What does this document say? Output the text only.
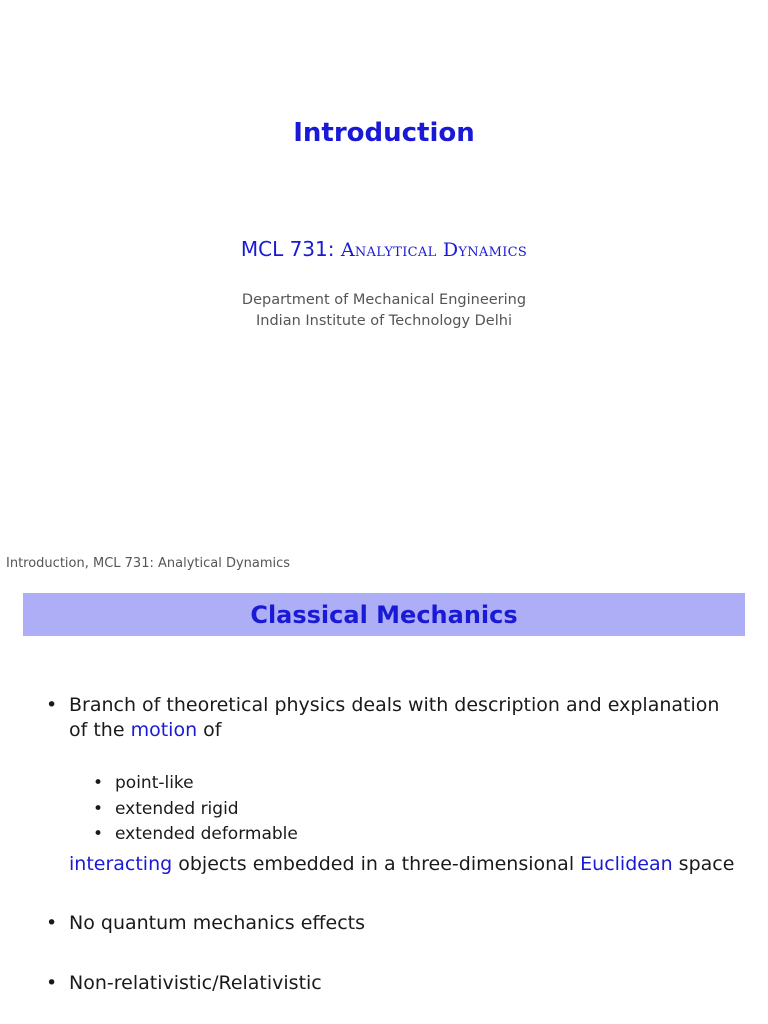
Introduction
MCL 731: Analytical Dynamics
Department of Mechanical Engineering
Indian Institute of Technology Delhi
Introduction, MCL 731: Analytical Dynamics
Classical Mechanics
• Branch of theoretical physics deals with description and explanation
of the motion of
• point-like
• extended rigid
• extended deformable
interacting objects embedded in a three-dimensional Euclidean space
• No quantum mechanics effects
• Non-relativistic/Relativistic
